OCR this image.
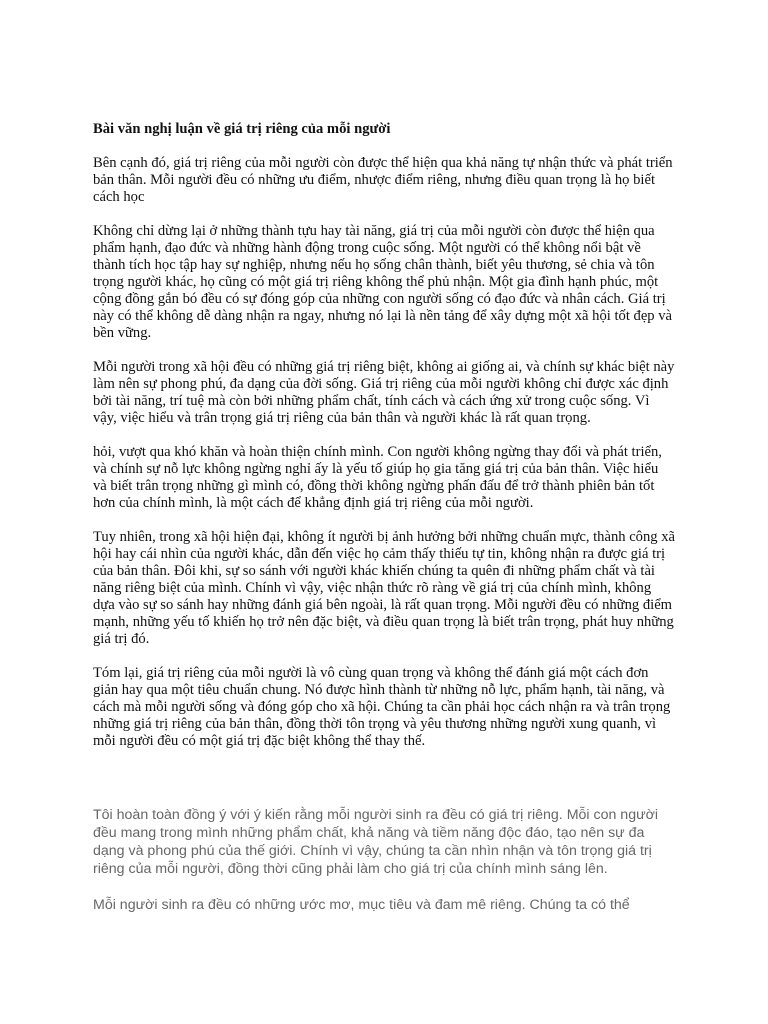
Bài văn nghị luận về giá trị riêng của mỗi người

Bên cạnh đó, giá trị riêng của mỗi người còn được thể hiện qua khả năng tự nhận thức và phát triển bản thân. Mỗi người đều có những ưu điểm, nhược điểm riêng, nhưng điều quan trọng là họ biết cách học

Không chỉ dừng lại ở những thành tựu hay tài năng, giá trị của mỗi người còn được thể hiện qua phẩm hạnh, đạo đức và những hành động trong cuộc sống. Một người có thể không nổi bật về thành tích học tập hay sự nghiệp, nhưng nếu họ sống chân thành, biết yêu thương, sẻ chia và tôn trọng người khác, họ cũng có một giá trị riêng không thể phủ nhận. Một gia đình hạnh phúc, một cộng đồng gắn bó đều có sự đóng góp của những con người sống có đạo đức và nhân cách. Giá trị này có thể không dễ dàng nhận ra ngay, nhưng nó lại là nền tảng để xây dựng một xã hội tốt đẹp và bền vững.

Mỗi người trong xã hội đều có những giá trị riêng biệt, không ai giống ai, và chính sự khác biệt này làm nên sự phong phú, đa dạng của đời sống. Giá trị riêng của mỗi người không chỉ được xác định bởi tài năng, trí tuệ mà còn bởi những phẩm chất, tính cách và cách ứng xử trong cuộc sống. Vì vậy, việc hiểu và trân trọng giá trị riêng của bản thân và người khác là rất quan trọng.

hỏi, vượt qua khó khăn và hoàn thiện chính mình. Con người không ngừng thay đổi và phát triển, và chính sự nỗ lực không ngừng nghỉ ấy là yếu tố giúp họ gia tăng giá trị của bản thân. Việc hiểu và biết trân trọng những gì mình có, đồng thời không ngừng phấn đấu để trở thành phiên bản tốt hơn của chính mình, là một cách để khẳng định giá trị riêng của mỗi người.

Tuy nhiên, trong xã hội hiện đại, không ít người bị ảnh hưởng bởi những chuẩn mực, thành công xã hội hay cái nhìn của người khác, dẫn đến việc họ cảm thấy thiếu tự tin, không nhận ra được giá trị của bản thân. Đôi khi, sự so sánh với người khác khiến chúng ta quên đi những phẩm chất và tài năng riêng biệt của mình. Chính vì vậy, việc nhận thức rõ ràng về giá trị của chính mình, không dựa vào sự so sánh hay những đánh giá bên ngoài, là rất quan trọng. Mỗi người đều có những điểm mạnh, những yếu tố khiến họ trở nên đặc biệt, và điều quan trọng là biết trân trọng, phát huy những giá trị đó.

Tóm lại, giá trị riêng của mỗi người là vô cùng quan trọng và không thể đánh giá một cách đơn giản hay qua một tiêu chuẩn chung. Nó được hình thành từ những nỗ lực, phẩm hạnh, tài năng, và cách mà mỗi người sống và đóng góp cho xã hội. Chúng ta cần phải học cách nhận ra và trân trọng những giá trị riêng của bản thân, đồng thời tôn trọng và yêu thương những người xung quanh, vì mỗi người đều có một giá trị đặc biệt không thể thay thế.

Tôi hoàn toàn đồng ý với ý kiến rằng mỗi người sinh ra đều có giá trị riêng. Mỗi con người đều mang trong mình những phẩm chất, khả năng và tiềm năng độc đáo, tạo nên sự đa dạng và phong phú của thế giới. Chính vì vậy, chúng ta cần nhìn nhận và tôn trọng giá trị riêng của mỗi người, đồng thời cũng phải làm cho giá trị của chính mình sáng lên.

Mỗi người sinh ra đều có những ước mơ, mục tiêu và đam mê riêng. Chúng ta có thể
